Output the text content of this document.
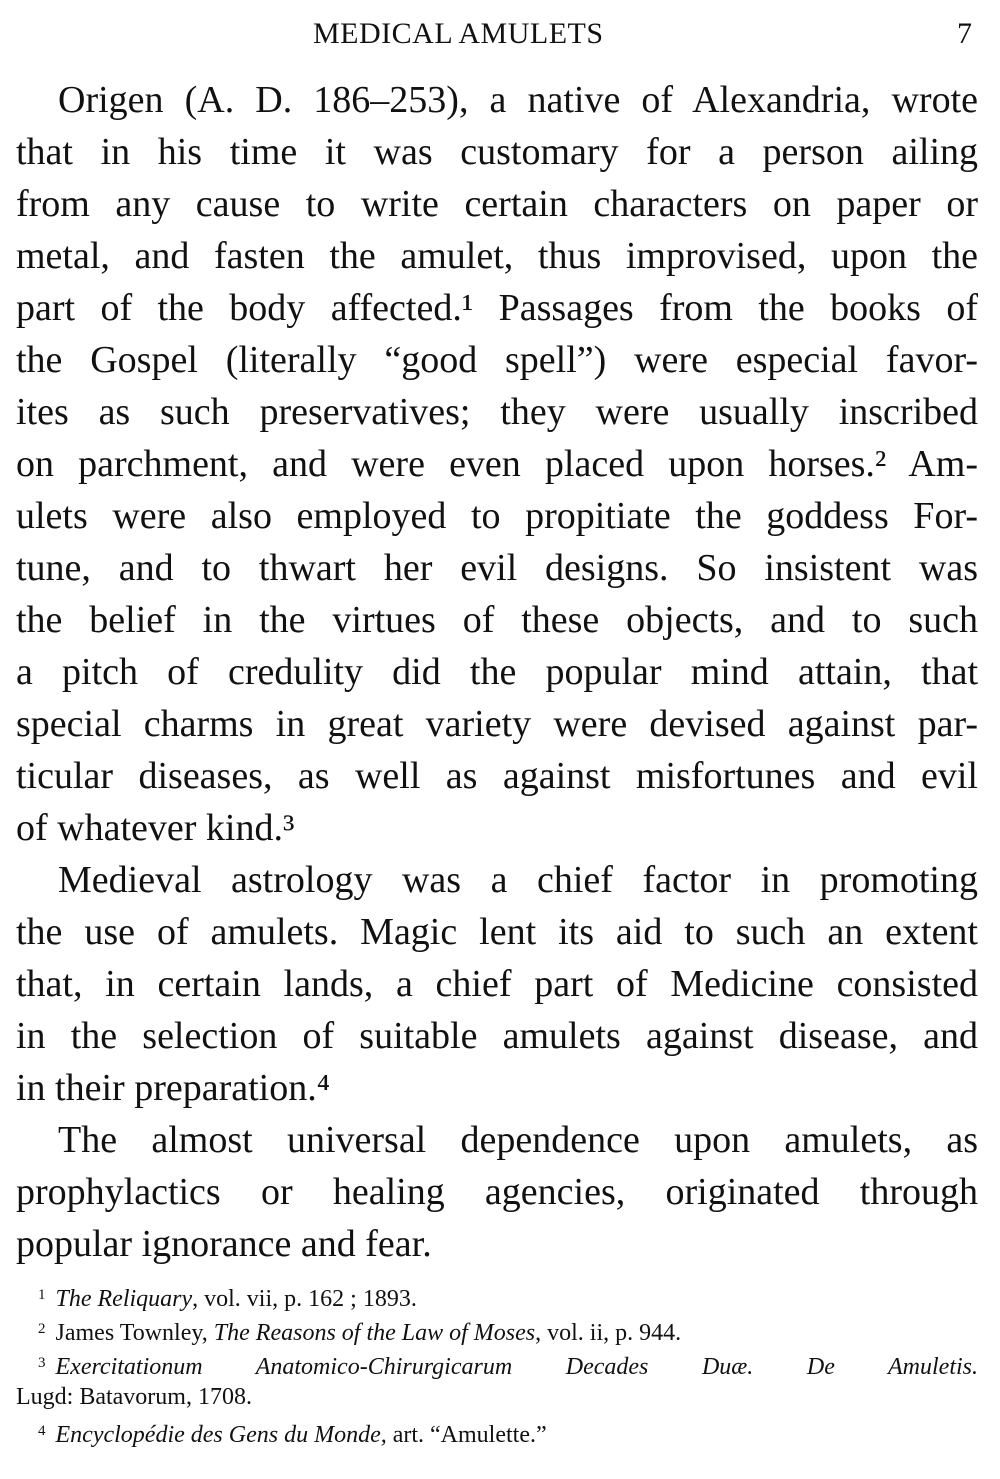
MEDICAL AMULETS	7

Origen (A. D. 186–253), a native of Alexandria, wrote
that in his time it was customary for a person ailing
from any cause to write certain characters on paper or
metal, and fasten the amulet, thus improvised, upon the
part of the body affected.¹ Passages from the books of
the Gospel (literally “good spell”) were especial favor-
ites as such preservatives; they were usually inscribed
on parchment, and were even placed upon horses.² Am-
ulets were also employed to propitiate the goddess For-
tune, and to thwart her evil designs. So insistent was
the belief in the virtues of these objects, and to such
a pitch of credulity did the popular mind attain, that
special charms in great variety were devised against par-
ticular diseases, as well as against misfortunes and evil
of whatever kind.³

Medieval astrology was a chief factor in promoting
the use of amulets. Magic lent its aid to such an extent
that, in certain lands, a chief part of Medicine consisted
in the selection of suitable amulets against disease, and
in their preparation.⁴

The almost universal dependence upon amulets, as
prophylactics or healing agencies, originated through
popular ignorance and fear.

$^1$ The Reliquary, vol. vii, p. 162 ; 1893.
$^2$ James Townley, The Reasons of the Law of Moses, vol. ii, p. 944.
$^3$ Exercitationum Anatomico-Chirurgicarum Decades Duæ. De Amuletis.
Lugd: Batavorum, 1708.
$^4$ Encyclopédie des Gens du Monde, art. “Amulette.”
